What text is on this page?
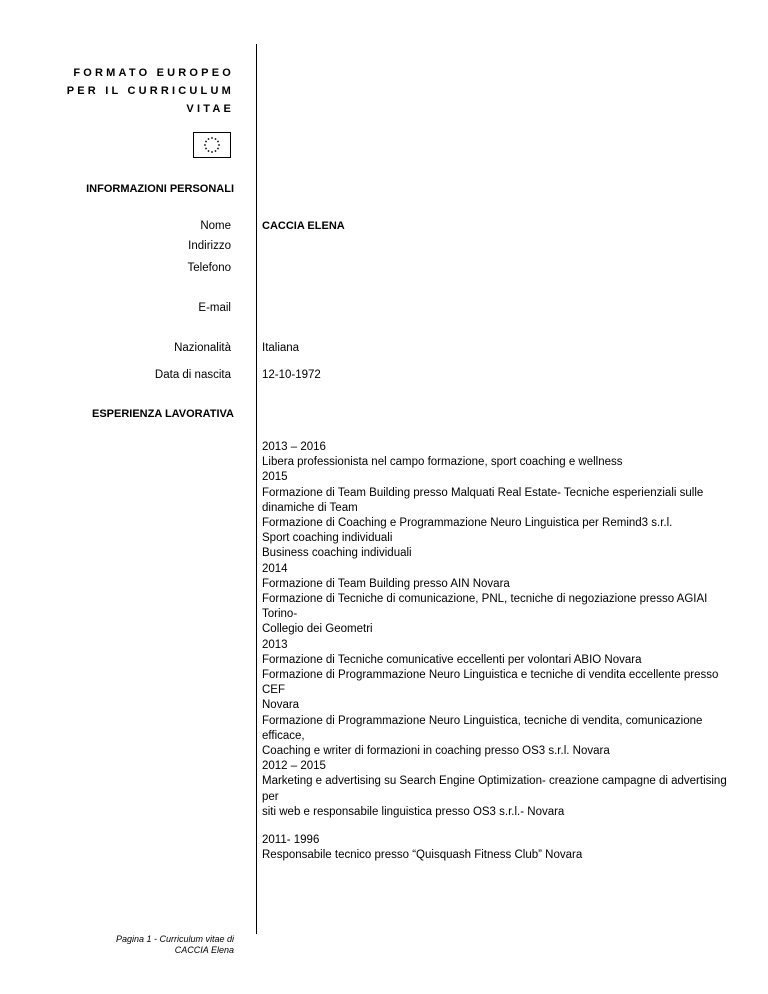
FORMATO EUROPEO
PER IL CURRICULUM
VITAE
INFORMAZIONI PERSONALI
Nome	CACCIA ELENA
Indirizzo
Telefono
E-mail
Nazionalità	Italiana
Data di nascita	12-10-1972
ESPERIENZA LAVORATIVA
2013 – 2016
Libera professionista nel campo formazione, sport coaching e wellness
2015
Formazione di Team Building presso Malquati Real Estate- Tecniche esperienziali sulle
dinamiche di Team
Formazione di Coaching e Programmazione Neuro Linguistica per Remind3 s.r.l.
Sport coaching individuali
Business coaching individuali
2014
Formazione di Team Building presso AIN Novara
Formazione di Tecniche di comunicazione, PNL, tecniche di negoziazione presso AGIAI Torino-
Collegio dei Geometri
2013
Formazione di Tecniche comunicative eccellenti per volontari ABIO Novara
Formazione di Programmazione Neuro Linguistica e tecniche di vendita eccellente presso CEF
Novara
Formazione di Programmazione Neuro Linguistica, tecniche di vendita, comunicazione efficace,
Coaching e writer di formazioni in coaching presso OS3 s.r.l. Novara
2012 – 2015
Marketing e advertising su Search Engine Optimization- creazione campagne di advertising per
siti web e responsabile linguistica presso OS3 s.r.l.- Novara
2011- 1996
Responsabile tecnico presso “Quisquash Fitness Club” Novara
Pagina 1 - Curriculum vitae di
CACCIA Elena
